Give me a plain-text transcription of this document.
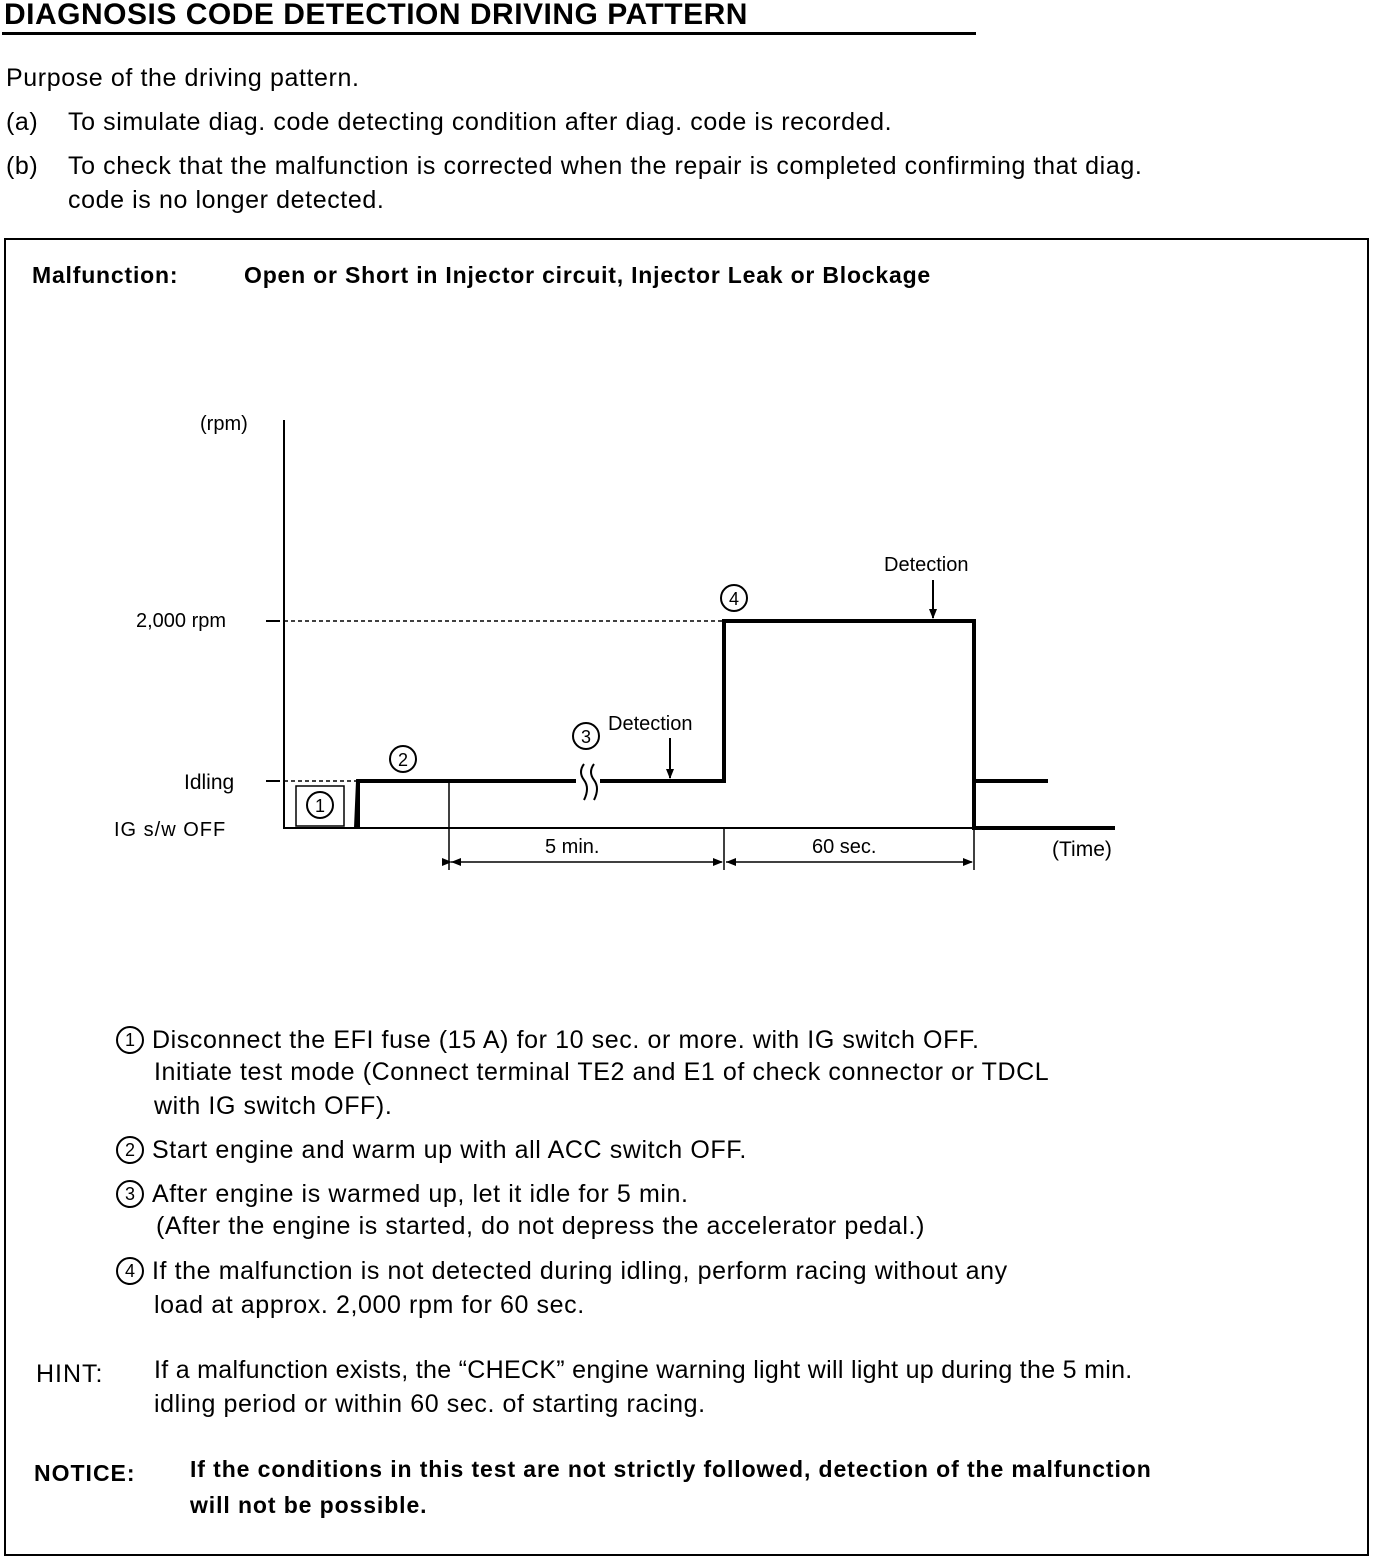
DIAGNOSIS CODE DETECTION DRIVING PATTERN
Purpose of the driving pattern.
(a) To simulate diag. code detecting condition after diag. code is recorded.
(b) To check that the malfunction is corrected when the repair is completed confirming that diag.
code is no longer detected.
Malfunction:	Open or Short in Injector circuit, Injector Leak or Blockage
(rpm)
(Time)
2,000 rpm
Idling
IG s/w OFF
5 min.	60 sec.
Detection
Detection
1
2
3
4
1 Disconnect the EFI fuse (15 A) for 10 sec. or more. with IG switch OFF.
Initiate test mode (Connect terminal TE2 and E1 of check connector or TDCL
with IG switch OFF).
2 Start engine and warm up with all ACC switch OFF.
3 After engine is warmed up, let it idle for 5 min.
(After the engine is started, do not depress the accelerator pedal.)
4 If the malfunction is not detected during idling, perform racing without any
load at approx. 2,000 rpm for 60 sec.
HINT: If a malfunction exists, the “CHECK” engine warning light will light up during the 5 min.
idling period or within 60 sec. of starting racing.
NOTICE: If the conditions in this test are not strictly followed, detection of the malfunction
will not be possible.
